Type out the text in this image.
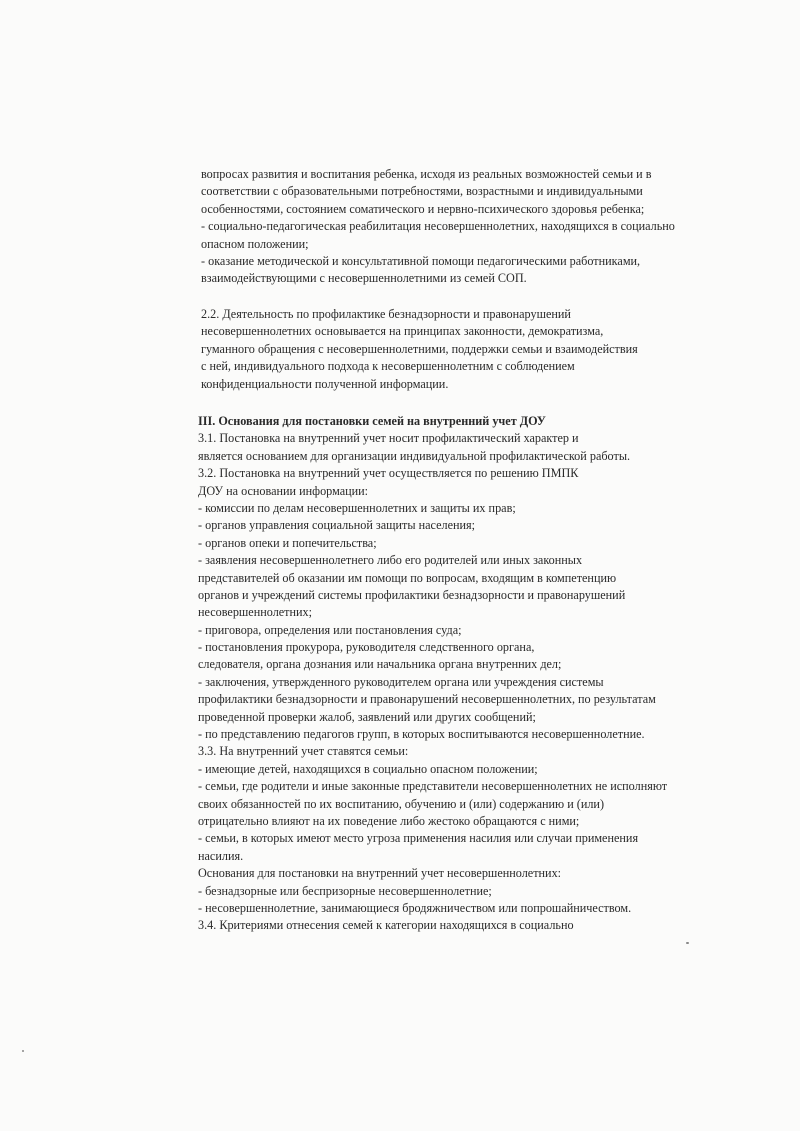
вопросах развития и воспитания ребенка, исходя из реальных возможностей семьи и в
соответствии с образовательными потребностями, возрастными и индивидуальными
особенностями, состоянием соматического и нервно-психического здоровья ребенка;
- социально-педагогическая реабилитация несовершеннолетних, находящихся в социально
опасном положении;
- оказание методической и консультативной помощи педагогическими работниками,
взаимодействующими с несовершеннолетними из семей СОП.
2.2. Деятельность по профилактике безнадзорности и правонарушений
несовершеннолетних основывается на принципах законности, демократизма,
гуманного обращения с несовершеннолетними, поддержки семьи и взаимодействия
с ней, индивидуального подхода к несовершеннолетним с соблюдением
конфиденциальности полученной информации.
III. Основания для постановки семей на внутренний учет ДОУ
3.1. Постановка на внутренний учет носит профилактический характер и
является основанием для организации индивидуальной профилактической работы.
3.2. Постановка на внутренний учет осуществляется по решению ПМПК
ДОУ на основании информации:
- комиссии по делам несовершеннолетних и защиты их прав;
- органов управления социальной защиты населения;
- органов опеки и попечительства;
- заявления несовершеннолетнего либо его родителей или иных законных
представителей об оказании им помощи по вопросам, входящим в компетенцию
органов и учреждений системы профилактики безнадзорности и правонарушений
несовершеннолетних;
- приговора, определения или постановления суда;
- постановления прокурора, руководителя следственного органа,
следователя, органа дознания или начальника органа внутренних дел;
- заключения, утвержденного руководителем органа или учреждения системы
профилактики безнадзорности и правонарушений несовершеннолетних, по результатам
проведенной проверки жалоб, заявлений или других сообщений;
- по представлению педагогов групп, в которых воспитываются несовершеннолетние.
3.3. На внутренний учет ставятся семьи:
- имеющие детей, находящихся в социально опасном положении;
- семьи, где родители и иные законные представители несовершеннолетних не исполняют
своих обязанностей по их воспитанию, обучению и (или) содержанию и (или)
отрицательно влияют на их поведение либо жестоко обращаются с ними;
- семьи, в которых имеют место угроза применения насилия или случаи применения
насилия.
Основания для постановки на внутренний учет несовершеннолетних:
- безнадзорные или беспризорные несовершеннолетние;
- несовершеннолетние, занимающиеся бродяжничеством или попрошайничеством.
3.4. Критериями отнесения семей к категории находящихся в социально
